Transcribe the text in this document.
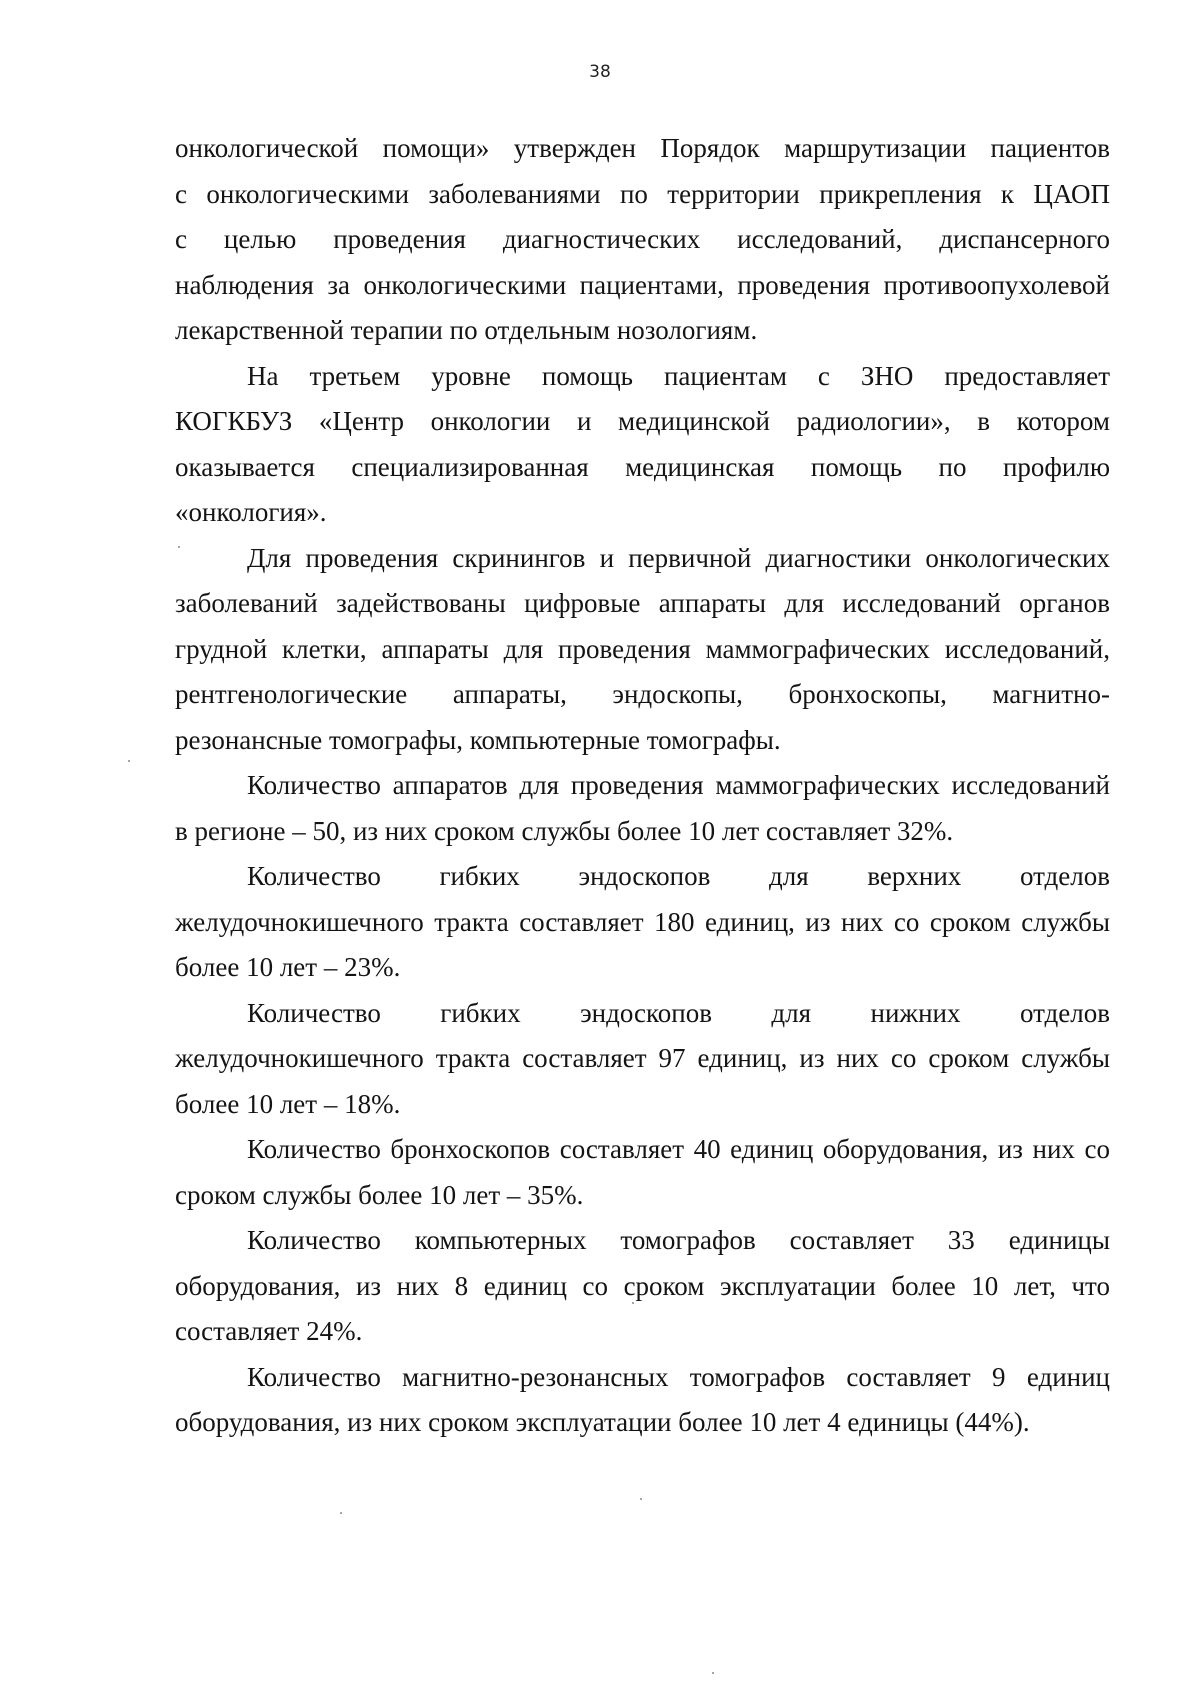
38
онкологической помощи» утвержден Порядок маршрутизации пациентов
с онкологическими заболеваниями по территории прикрепления к ЦАОП
с целью проведения диагностических исследований, диспансерного
наблюдения за онкологическими пациентами, проведения противоопухолевой
лекарственной терапии по отдельным нозологиям.
На третьем уровне помощь пациентам с ЗНО предоставляет
КОГКБУЗ «Центр онкологии и медицинской радиологии», в котором
оказывается специализированная медицинская помощь по профилю
«онкология».
Для проведения скринингов и первичной диагностики онкологических
заболеваний задействованы цифровые аппараты для исследований органов
грудной клетки, аппараты для проведения маммографических исследований,
рентгенологические аппараты, эндоскопы, бронхоскопы, магнитно-
резонансные томографы, компьютерные томографы.
Количество аппаратов для проведения маммографических исследований
в регионе – 50, из них сроком службы более 10 лет составляет 32%.
Количество гибких эндоскопов для верхних отделов
желудочнокишечного тракта составляет 180 единиц, из них со сроком службы
более 10 лет – 23%.
Количество гибких эндоскопов для нижних отделов
желудочнокишечного тракта составляет 97 единиц, из них со сроком службы
более 10 лет – 18%.
Количество бронхоскопов составляет 40 единиц оборудования, из них со
сроком службы более 10 лет – 35%.
Количество компьютерных томографов составляет 33 единицы
оборудования, из них 8 единиц со сроком эксплуатации более 10 лет, что
составляет 24%.
Количество магнитно-резонансных томографов составляет 9 единиц
оборудования, из них сроком эксплуатации более 10 лет 4 единицы (44%).
